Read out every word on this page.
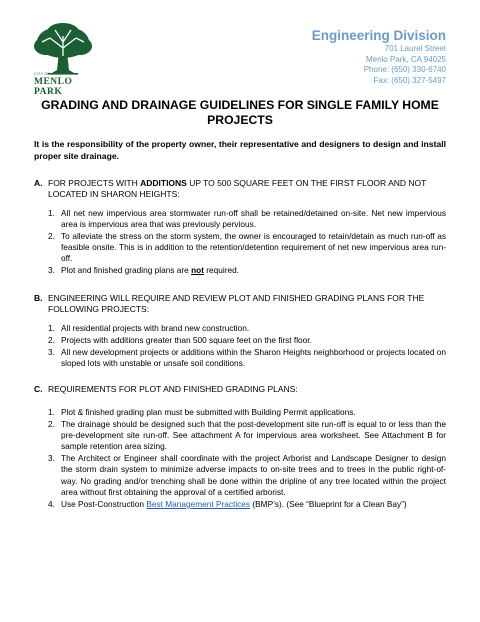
CITY OF
MENLO PARK
Engineering Division
701 Laurel Street
Menlo Park, CA 94025
Phone: (650) 330-6740
Fax: (650) 327-5497
GRADING AND DRAINAGE GUIDELINES FOR SINGLE FAMILY HOME
PROJECTS
It is the responsibility of the property owner, their representative and designers to design and install proper site drainage.
A. FOR PROJECTS WITH ADDITIONS UP TO 500 SQUARE FEET ON THE FIRST FLOOR AND NOT LOCATED IN SHARON HEIGHTS:
1. All net new impervious area stormwater run-off shall be retained/detained on-site. Net new impervious area is impervious area that was previously pervious.
2. To alleviate the stress on the storm system, the owner is encouraged to retain/detain as much run-off as feasible onsite. This is in addition to the retention/detention requirement of net new impervious area run-off.
3. Plot and finished grading plans are not required.
B. ENGINEERING WILL REQUIRE AND REVIEW PLOT AND FINISHED GRADING PLANS FOR THE FOLLOWING PROJECTS:
1. All residential projects with brand new construction.
2. Projects with additions greater than 500 square feet on the first floor.
3. All new development projects or additions within the Sharon Heights neighborhood or projects located on sloped lots with unstable or unsafe soil conditions.
C. REQUIREMENTS FOR PLOT AND FINISHED GRADING PLANS:
1. Plot & finished grading plan must be submitted with Building Permit applications.
2. The drainage should be designed such that the post-development site run-off is equal to or less than the pre-development site run-off. See attachment A for impervious area worksheet. See Attachment B for sample retention area sizing.
3. The Architect or Engineer shall coordinate with the project Arborist and Landscape Designer to design the storm drain system to minimize adverse impacts to on-site trees and to trees in the public right-of-way. No grading and/or trenching shall be done within the dripline of any tree located within the project area without first obtaining the approval of a certified arborist.
4. Use Post-Construction Best Management Practices (BMP’s). (See “Blueprint for a Clean Bay”)
